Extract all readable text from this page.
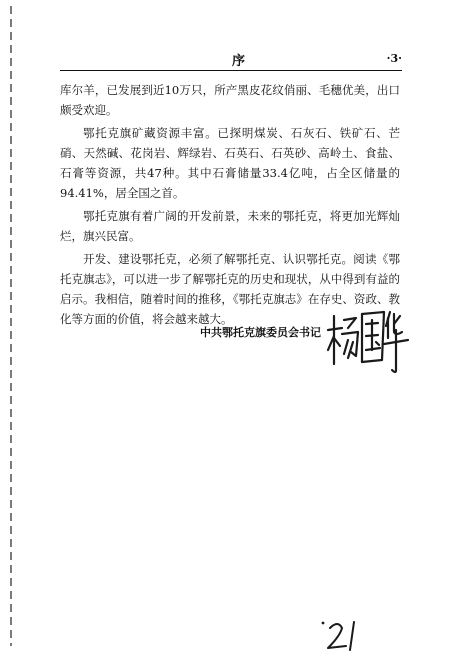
序	·3·

库尔羊，已发展到近10万只，所产黑皮花纹俏丽、毛穗优美，出口颇受欢迎。

鄂托克旗矿藏资源丰富。已探明煤炭、石灰石、铁矿石、芒硝、天然碱、花岗岩、辉绿岩、石英石、石英砂、高岭土、食盐、石膏等资源，共47种。其中石膏储量33.4亿吨，占全区储量的94.41%，居全国之首。

鄂托克旗有着广阔的开发前景，未来的鄂托克，将更加光辉灿烂，旗兴民富。

开发、建设鄂托克，必须了解鄂托克、认识鄂托克。阅读《鄂托克旗志》，可以进一步了解鄂托克的历史和现状，从中得到有益的启示。我相信，随着时间的推移，《鄂托克旗志》在存史、资政、教化等方面的价值，将会越来越大。

中共鄂托克旗委员会书记
